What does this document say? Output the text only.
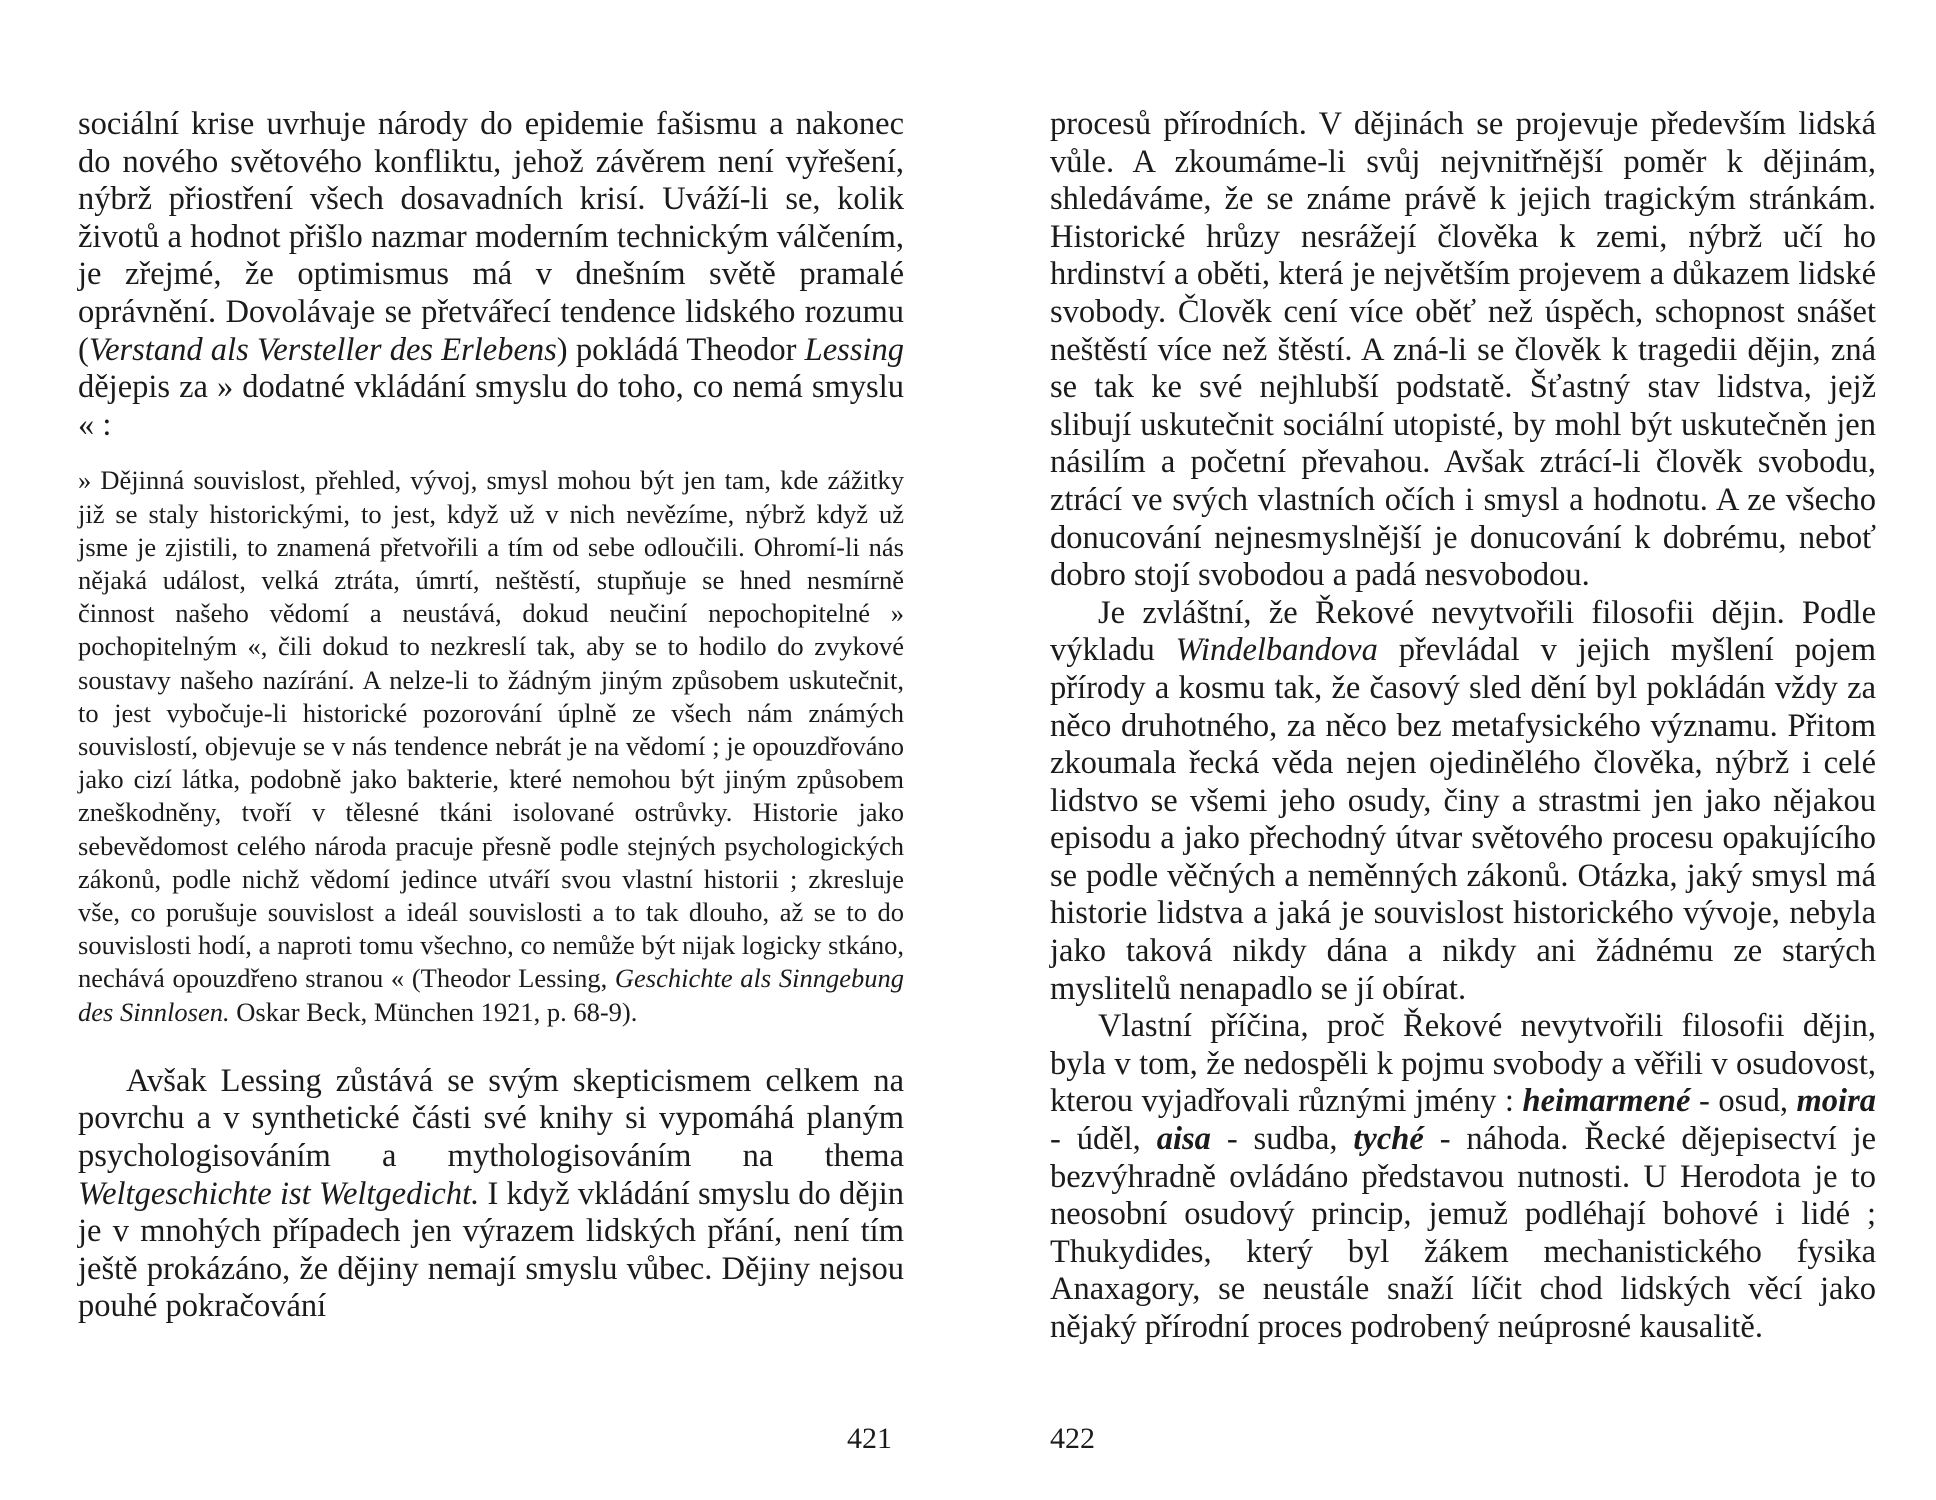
sociální krise uvrhuje národy do epidemie fašismu a nakonec do nového světového konfliktu, jehož závěrem není vyřešení, nýbrž přiostření všech dosavadních krisí. Uváží-li se, kolik životů a hodnot přišlo nazmar moderním technickým válčením, je zřejmé, že optimismus má v dnešním světě pramalé oprávnění. Dovolávaje se přetvářecí tendence lidského rozumu (Verstand als Versteller des Erlebens) pokládá Theodor Lessing dějepis za » dodatné vkládání smyslu do toho, co nemá smyslu « :

» Dějinná souvislost, přehled, vývoj, smysl mohou být jen tam, kde zážitky již se staly historickými, to jest, když už v nich nevězíme, nýbrž když už jsme je zjistili, to znamená přetvořili a tím od sebe odloučili. Ohromí-li nás nějaká událost, velká ztráta, úmrtí, neštěstí, stupňuje se hned nesmírně činnost našeho vědomí a neustává, dokud neučiní nepochopitelné » pochopitelným «, čili dokud to nezkreslí tak, aby se to hodilo do zvykové soustavy našeho nazírání. A nelze-li to žádným jiným způsobem uskutečnit, to jest vybočuje-li historické pozorování úplně ze všech nám známých souvislostí, objevuje se v nás tendence nebrát je na vědomí ; je opouzdřováno jako cizí látka, podobně jako bakterie, které nemohou být jiným způsobem zneškodněny, tvoří v tělesné tkáni isolované ostrůvky. Historie jako sebevědomost celého národa pracuje přesně podle stejných psychologických zákonů, podle nichž vědomí jedince utváří svou vlastní historii ; zkresluje vše, co porušuje souvislost a ideál souvislosti a to tak dlouho, až se to do souvislosti hodí, a naproti tomu všechno, co nemůže být nijak logicky stkáno, nechává opouzdřeno stranou « (Theodor Lessing, Geschichte als Sinngebung des Sinnlosen. Oskar Beck, München 1921, p. 68-9).

Avšak Lessing zůstává se svým skepticismem celkem na povrchu a v synthetické části své knihy si vypomáhá planým psychologisováním a mythologisováním na thema Weltgeschichte ist Weltgedicht. I když vkládání smyslu do dějin je v mnohých případech jen výrazem lidských přání, není tím ještě prokázáno, že dějiny nemají smyslu vůbec. Dějiny nejsou pouhé pokračování

421

procesů přírodních. V dějinách se projevuje především lidská vůle. A zkoumáme-li svůj nejvnitřnější poměr k dějinám, shledáváme, že se známe právě k jejich tragickým stránkám. Historické hrůzy nesrážejí člověka k zemi, nýbrž učí ho hrdinství a oběti, která je největším projevem a důkazem lidské svobody. Člověk cení více oběť než úspěch, schopnost snášet neštěstí více než štěstí. A zná-li se člověk k tragedii dějin, zná se tak ke své nejhlubší podstatě. Šťastný stav lidstva, jejž slibují uskutečnit sociální utopisté, by mohl být uskutečněn jen násilím a početní převahou. Avšak ztrácí-li člověk svobodu, ztrácí ve svých vlastních očích i smysl a hodnotu. A ze všecho donucování nejnesmyslnější je donucování k dobrému, neboť dobro stojí svobodou a padá nesvobodou.

Je zvláštní, že Řekové nevytvořili filosofii dějin. Podle výkladu Windelbandova převládal v jejich myšlení pojem přírody a kosmu tak, že časový sled dění byl pokládán vždy za něco druhotného, za něco bez metafysického významu. Přitom zkoumala řecká věda nejen ojedinělého člověka, nýbrž i celé lidstvo se všemi jeho osudy, činy a strastmi jen jako nějakou episodu a jako přechodný útvar světového procesu opakujícího se podle věčných a neměnných zákonů. Otázka, jaký smysl má historie lidstva a jaká je souvislost historického vývoje, nebyla jako taková nikdy dána a nikdy ani žádnému ze starých myslitelů nenapadlo se jí obírat.

Vlastní příčina, proč Řekové nevytvořili filosofii dějin, byla v tom, že nedospěli k pojmu svobody a věřili v osudovost, kterou vyjadřovali různými jmény : heimarmené - osud, moira - úděl, aisa - sudba, tyché - náhoda. Řecké dějepisectví je bezvýhradně ovládáno představou nutnosti. U Herodota je to neosobní osudový princip, jemuž podléhají bohové i lidé ; Thukydides, který byl žákem mechanistického fysika Anaxagory, se neustále snaží líčit chod lidských věcí jako nějaký přírodní proces podrobený neúprosné kausalitě.

422
